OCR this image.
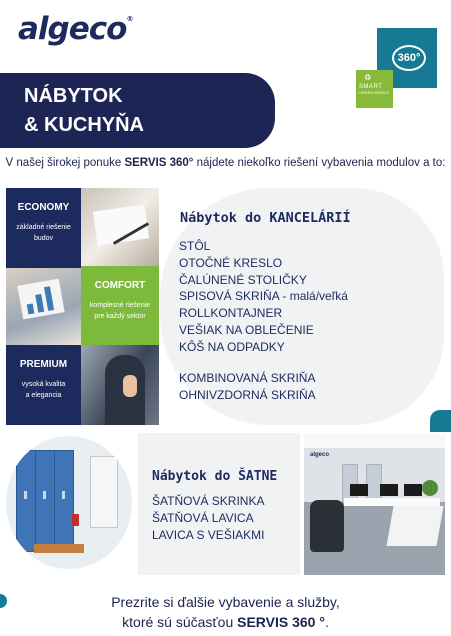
algeco®
360°
♻
SMART
GREEN WORLD
NÁBYTOK
& KUCHYŇA
V našej širokej ponuke SERVIS 360° nájdete niekoľko riešení vybavenia modulov a to:
ECONOMY
základné riešenie
budov
COMFORT
komplesné riešenie
pre každý sektor
PREMIUM
vysoká kvalita
a elegancia
Nábytok do KANCELÁRIÍ
STÔL
OTOČNÉ KRESLO
ČALÚNENÉ STOLIČKY
SPISOVÁ SKRIŇA - malá/veľká
ROLLKONTAJNER
VEŠIAK NA OBLEČENIE
KÔŠ NA ODPADKY
KOMBINOVANÁ SKRIŇA
OHNIVZDORNÁ SKRIŇA
Nábytok do ŠATNE
ŠATŇOVÁ SKRINKA
ŠATŇOVÁ LAVICA
LAVICA S VEŠIAKMI
algeco
Prezrite si ďalšie vybavenie a služby,
ktoré sú súčasťou SERVIS 360 °.
